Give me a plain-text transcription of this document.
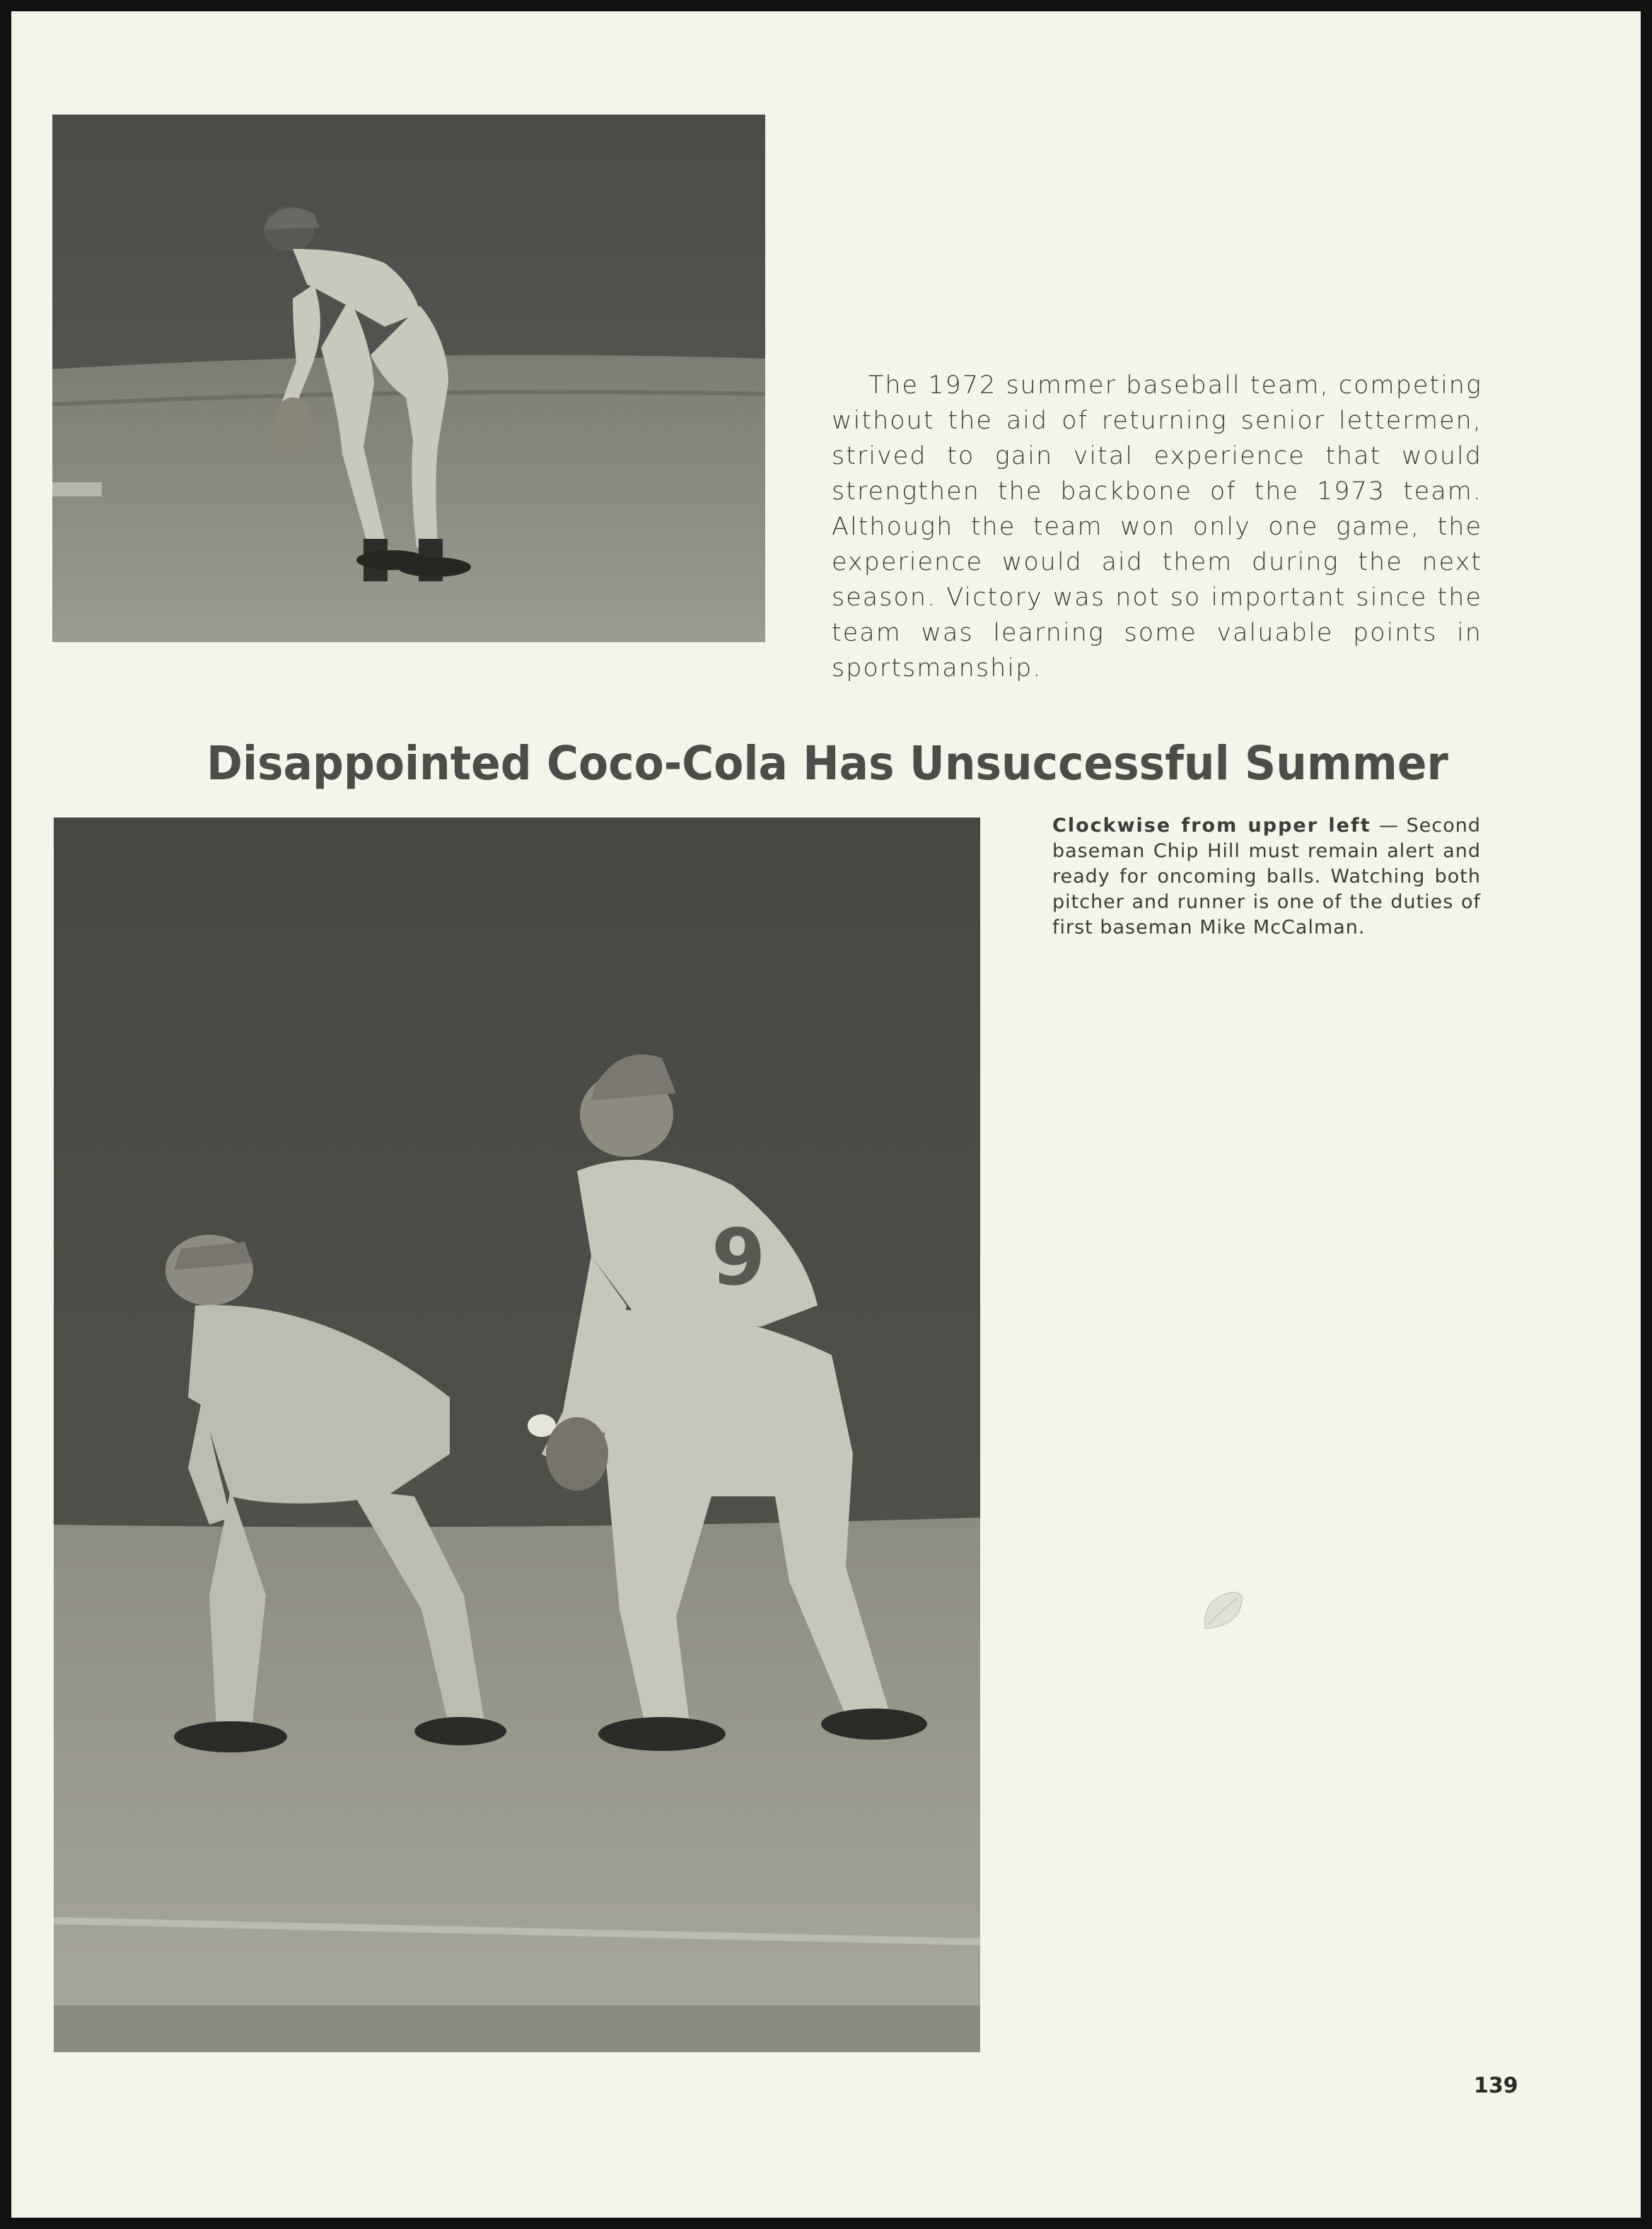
The 1972 summer baseball team, competing without the aid of returning senior lettermen, strived to gain vital experience that would strengthen the backbone of the 1973 team. Although the team won only one game, the experience would aid them during the next season. Victory was not so important since the team was learning some valuable points in sportsmanship.
Disappointed Coco-Cola Has Unsuccessful Summer
Clockwise from upper left — Second baseman Chip Hill must remain alert and ready for oncoming balls. Watching both pitcher and runner is one of the duties of first baseman Mike McCalman.
9
139
